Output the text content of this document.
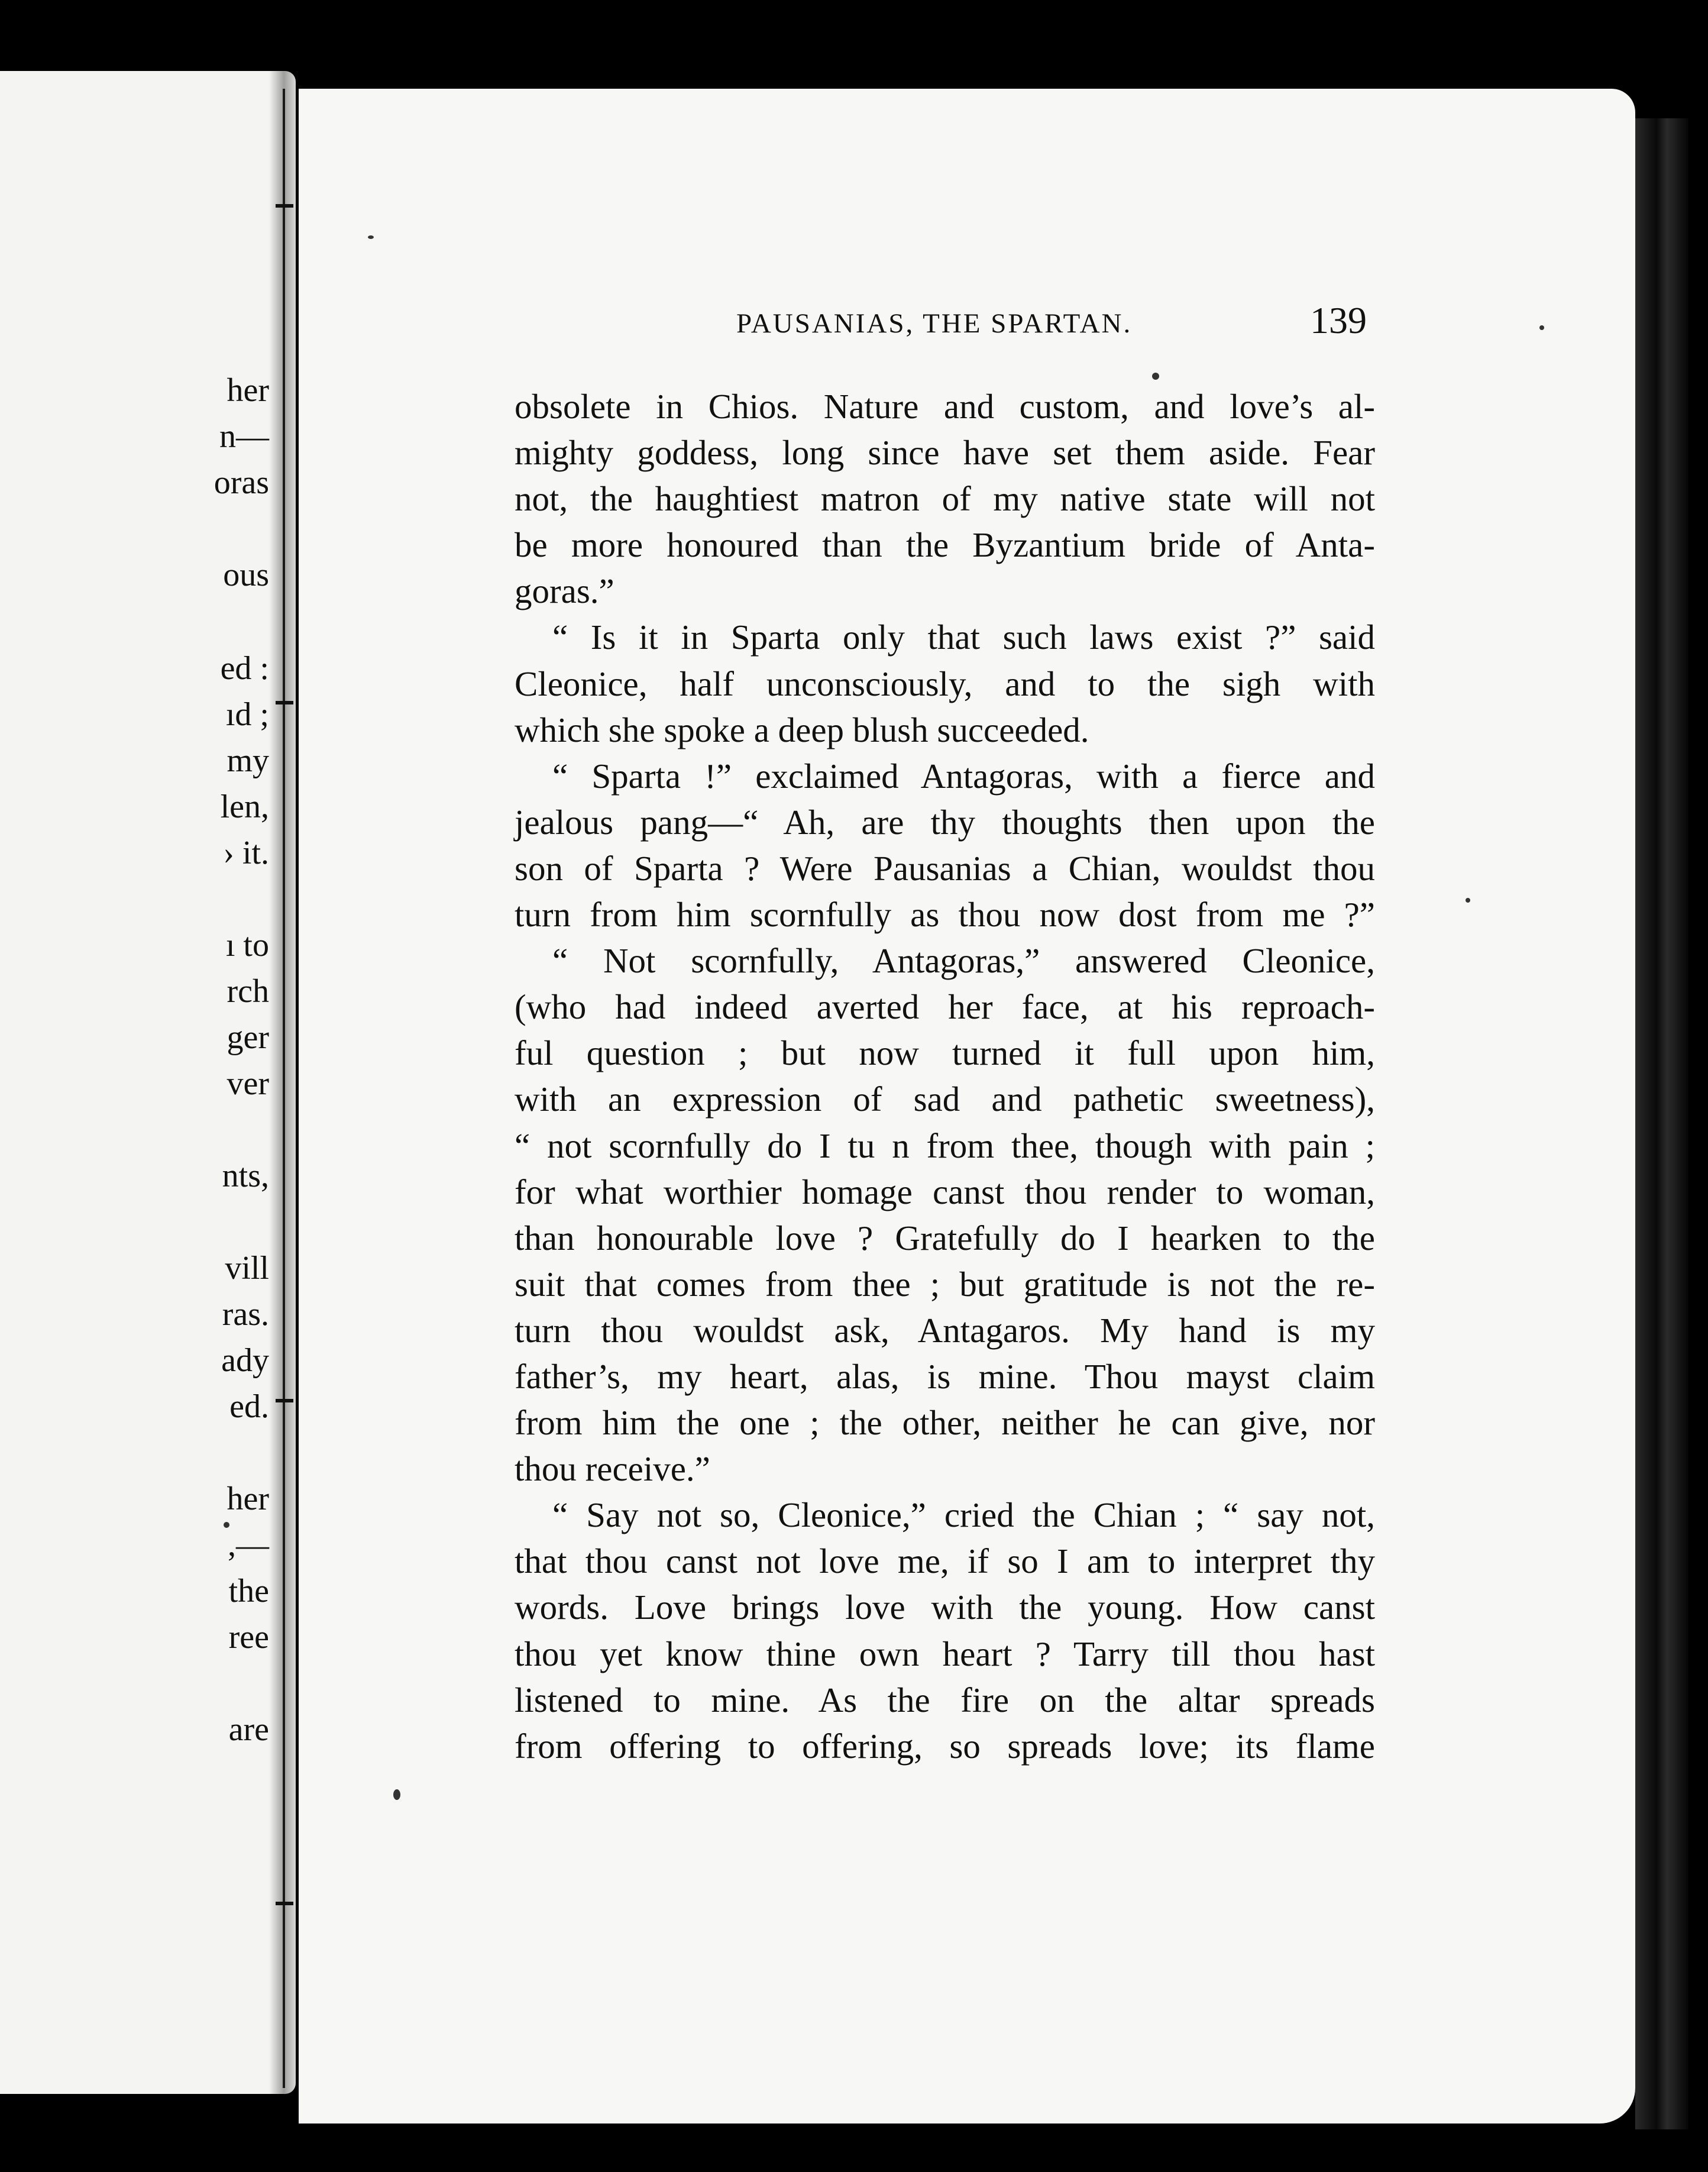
her
n—
oras
ous
ed :
ıd ;
my
len,
› it.
ı to
rch
ger
ver
nts,
vill
ras.
ady
ed.
her
,—
the
ree
are
PAUSANIAS, THE SPARTAN.	139
obsolete in Chios. Nature and custom, and love’s al-
mighty goddess, long since have set them aside. Fear
not, the haughtiest matron of my native state will not
be more honoured than the Byzantium bride of Anta-
goras.”
“ Is it in Sparta only that such laws exist ?” said
Cleonice, half unconsciously, and to the sigh with
which she spoke a deep blush succeeded.
“ Sparta !” exclaimed Antagoras, with a fierce and
jealous pang—“ Ah, are thy thoughts then upon the
son of Sparta ? Were Pausanias a Chian, wouldst thou
turn from him scornfully as thou now dost from me ?”
“ Not scornfully, Antagoras,” answered Cleonice,
(who had indeed averted her face, at his reproach-
ful question ; but now turned it full upon him,
with an expression of sad and pathetic sweetness),
“ not scornfully do I tu n from thee, though with pain ;
for what worthier homage canst thou render to woman,
than honourable love ? Gratefully do I hearken to the
suit that comes from thee ; but gratitude is not the re-
turn thou wouldst ask, Antagaros. My hand is my
father’s, my heart, alas, is mine. Thou mayst claim
from him the one ; the other, neither he can give, nor
thou receive.”
“ Say not so, Cleonice,” cried the Chian ; “ say not,
that thou canst not love me, if so I am to interpret thy
words. Love brings love with the young. How canst
thou yet know thine own heart ? Tarry till thou hast
listened to mine. As the fire on the altar spreads
from offering to offering, so spreads love; its flame
